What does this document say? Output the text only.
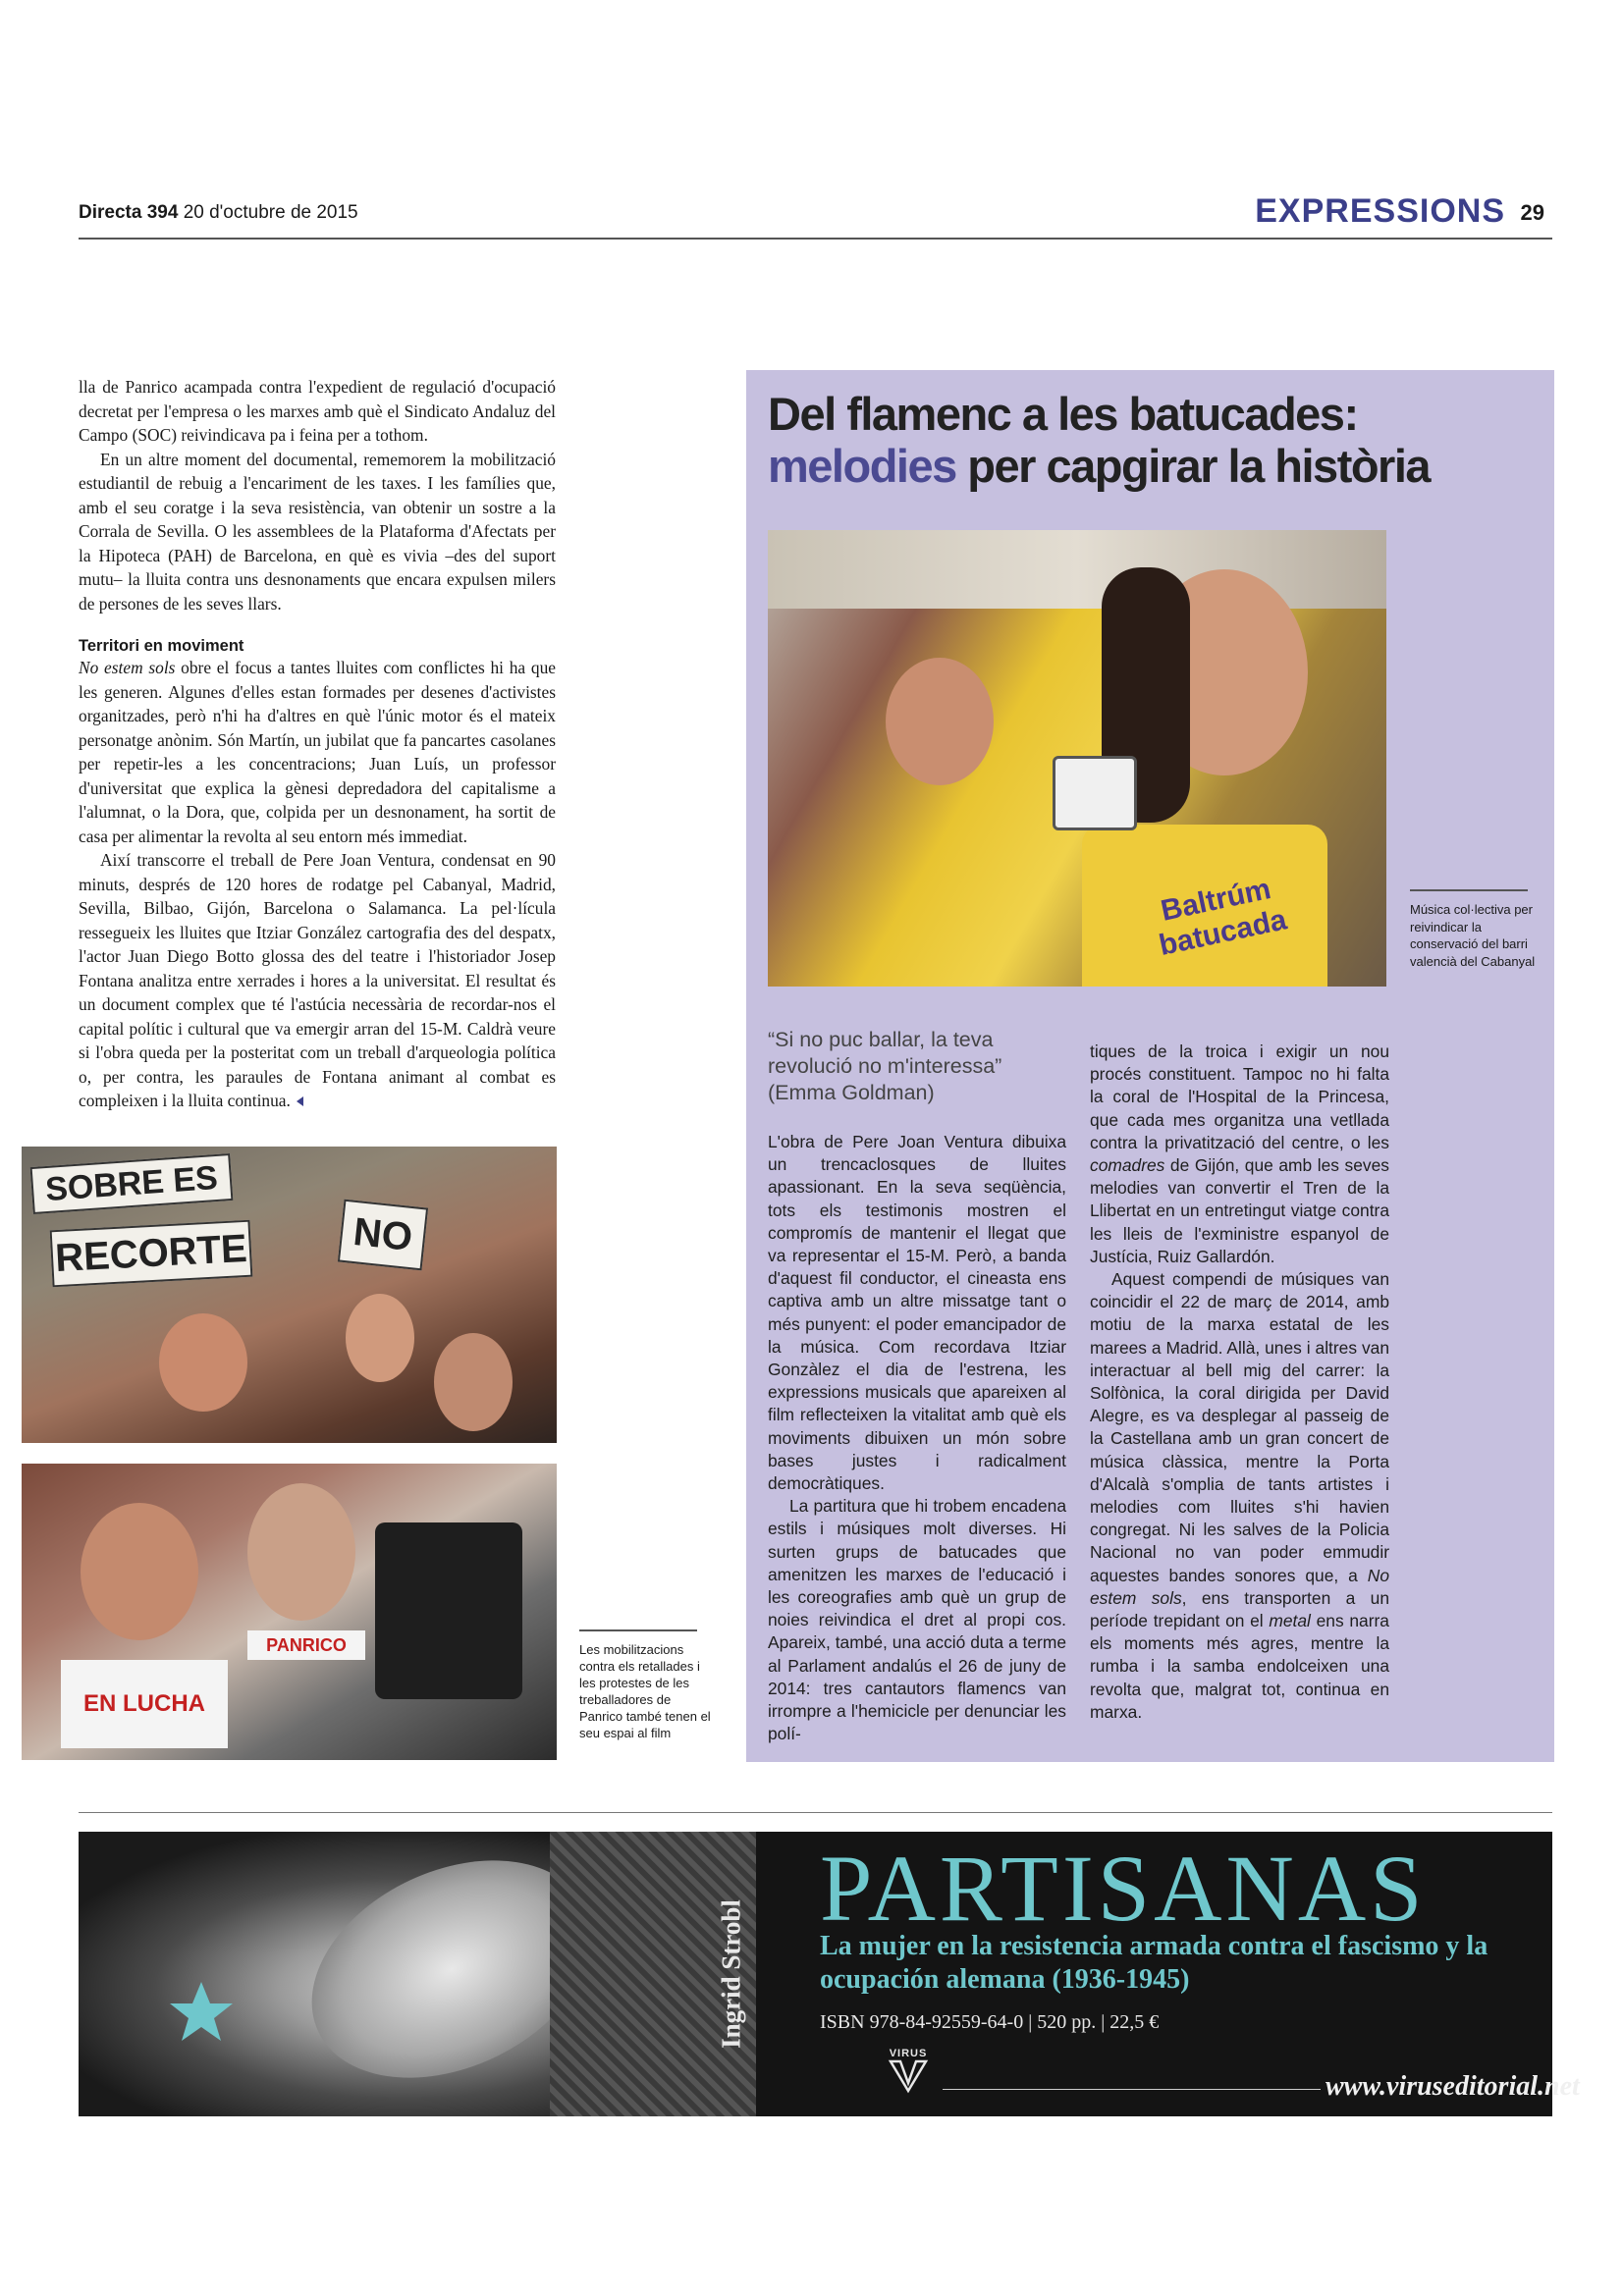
Directa 394 20 d'octubre de 2015	EXPRESSIONS 29

lla de Panrico acampada contra l'expedient de regulació d'ocupació decretat per l'empresa o les marxes amb què el Sindicato Andaluz del Campo (SOC) reivindicava pa i feina per a tothom.

En un altre moment del documental, rememorem la mobilització estudiantil de rebuig a l'encariment de les taxes. I les famílies que, amb el seu coratge i la seva resistència, van obtenir un sostre a la Corrala de Sevilla. O les assemblees de la Plataforma d'Afectats per la Hipoteca (PAH) de Barcelona, en què es vivia –des del suport mutu– la lluita contra uns desnonaments que encara expulsen milers de persones de les seves llars.

Territori en moviment

No estem sols obre el focus a tantes lluites com conflictes hi ha que les generen. Algunes d'elles estan formades per desenes d'activistes organitzades, però n'hi ha d'altres en què l'únic motor és el mateix personatge anònim. Són Martín, un jubilat que fa pancartes casolanes per repetir-les a les concentracions; Juan Luís, un professor d'universitat que explica la gènesi depredadora del capitalisme a l'alumnat, o la Dora, que, colpida per un desnonament, ha sortit de casa per alimentar la revolta al seu entorn més immediat.

Així transcorre el treball de Pere Joan Ventura, condensat en 90 minuts, després de 120 hores de rodatge pel Cabanyal, Madrid, Sevilla, Bilbao, Gijón, Barcelona o Salamanca. La pel·lícula ressegueix les lluites que Itziar González cartografia des del despatx, l'actor Juan Diego Botto glossa des del teatre i l'historiador Josep Fontana analitza entre xerrades i hores a la universitat. El resultat és un document complex que té l'astúcia necessària de recordar-nos el capital polític i cultural que va emergir arran del 15-M. Caldrà veure si l'obra queda per la posteritat com un treball d'arqueologia política o, per contra, les paraules de Fontana animant al combat es compleixen i la lluita continua.

SOBRE ES
RECORTE	NO
EN LUCHA
PANRICO	Les mobilitzacions contra els retallades i les protestes de les treballadores de Panrico també tenen el seu espai al film
Del flamenc a les batucades:
melodies per capgirar la història
Baltrúm batucada	Música col·lectiva per reivindicar la conservació del barri valencià del Cabanyal
“Si no puc ballar, la teva revolució no m'interessa” (Emma Goldman)

L'obra de Pere Joan Ventura dibuixa un trencaclosques de lluites apassionant. En la seva seqüència, tots els testimonis mostren el compromís de mantenir el llegat que va representar el 15-M. Però, a banda d'aquest fil conductor, el cineasta ens captiva amb un altre missatge tant o més punyent: el poder emancipador de la música. Com recordava Itziar Gonzàlez el dia de l'estrena, les expressions musicals que apareixen al film reflecteixen la vitalitat amb què els moviments dibuixen un món sobre bases justes i radicalment democràtiques.

La partitura que hi trobem encadena estils i músiques molt diverses. Hi surten grups de batucades que amenitzen les marxes de l'educació i les coreografies amb què un grup de noies reivindica el dret al propi cos. Apareix, també, una acció duta a terme al Parlament andalús el 26 de juny de 2014: tres cantautors flamencs van irrompre a l'hemicicle per denunciar les polí-

tiques de la troica i exigir un nou procés constituent. Tampoc no hi falta la coral de l'Hospital de la Princesa, que cada mes organitza una vetllada contra la privatització del centre, o les comadres de Gijón, que amb les seves melodies van convertir el Tren de la Llibertat en un entretingut viatge contra les lleis de l'exministre espanyol de Justícia, Ruiz Gallardón.

Aquest compendi de músiques van coincidir el 22 de març de 2014, amb motiu de la marxa estatal de les marees a Madrid. Allà, unes i altres van interactuar al bell mig del carrer: la Solfònica, la coral dirigida per David Alegre, es va desplegar al passeig de la Castellana amb un gran concert de música clàssica, mentre la Porta d'Alcalà s'omplia de tants artistes i melodies com lluites s'hi havien congregat. Ni les salves de la Policia Nacional no van poder emmudir aquestes bandes sonores que, a No estem sols, ens transporten a un període trepidant on el metal ens narra els moments més agres, mentre la rumba i la samba endolceixen una revolta que, malgrat tot, continua en marxa.

Ingrid Strobl
PARTISANAS
La mujer en la resistencia armada contra el fascismo y la ocupación alemana (1936-1945)
ISBN 978-84-92559-64-0 | 520 pp. | 22,5 €
VIRUS
www.viruseditorial.net
